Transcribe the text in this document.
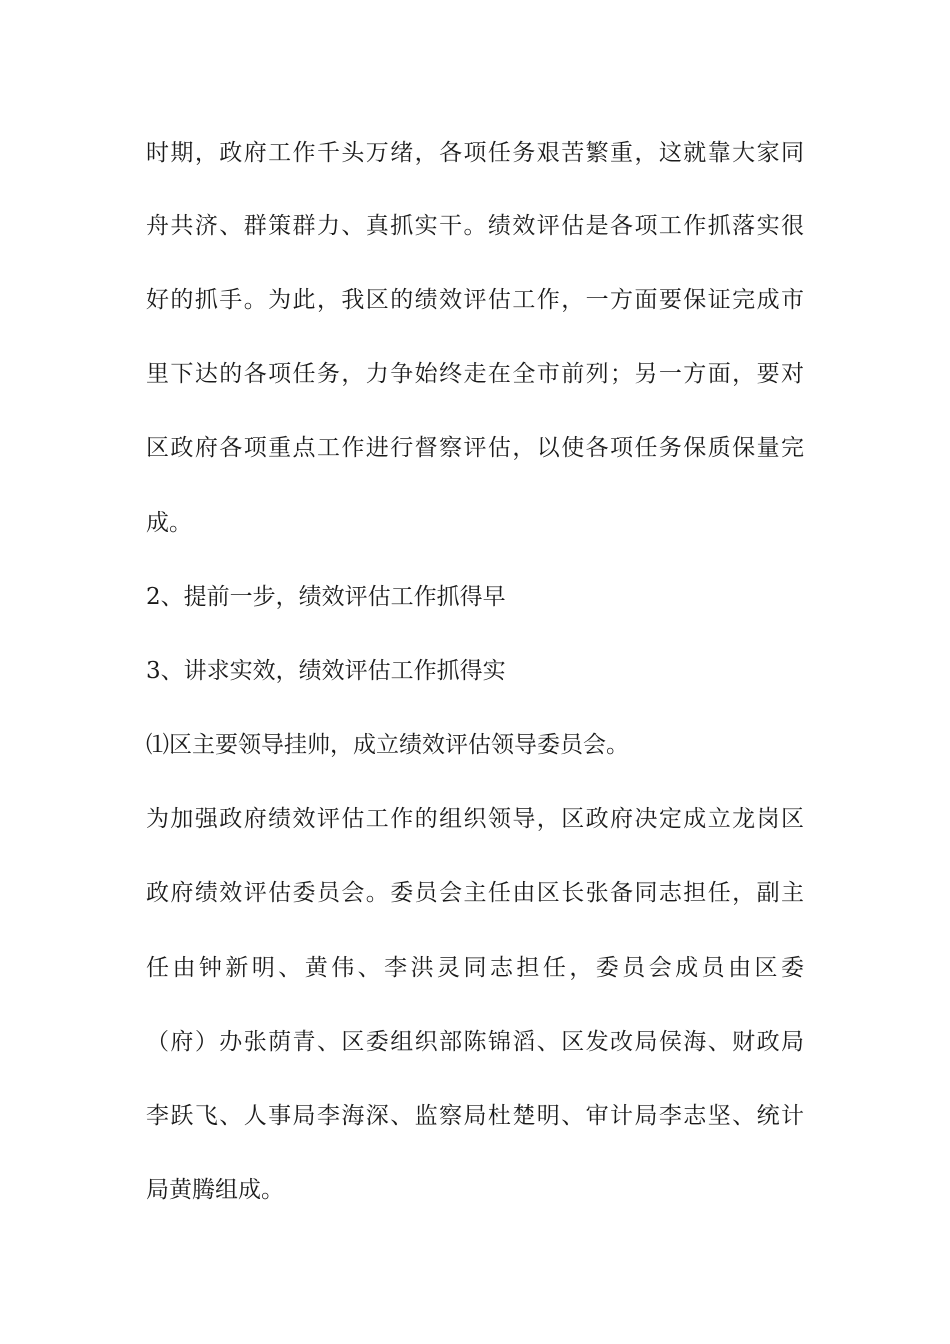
时期，政府工作千头万绪，各项任务艰苦繁重，这就靠大家同
舟共济、群策群力、真抓实干。绩效评估是各项工作抓落实很
好的抓手。为此，我区的绩效评估工作，一方面要保证完成市
里下达的各项任务，力争始终走在全市前列；另一方面，要对
区政府各项重点工作进行督察评估，以使各项任务保质保量完
成。
2、提前一步，绩效评估工作抓得早
3、讲求实效，绩效评估工作抓得实
⑴区主要领导挂帅，成立绩效评估领导委员会。
为加强政府绩效评估工作的组织领导，区政府决定成立龙岗区
政府绩效评估委员会。委员会主任由区长张备同志担任，副主
任由钟新明、黄伟、李洪灵同志担任，委员会成员由区委
（府）办张荫青、区委组织部陈锦滔、区发改局侯海、财政局
李跃飞、人事局李海深、监察局杜楚明、审计局李志坚、统计
局黄腾组成。
